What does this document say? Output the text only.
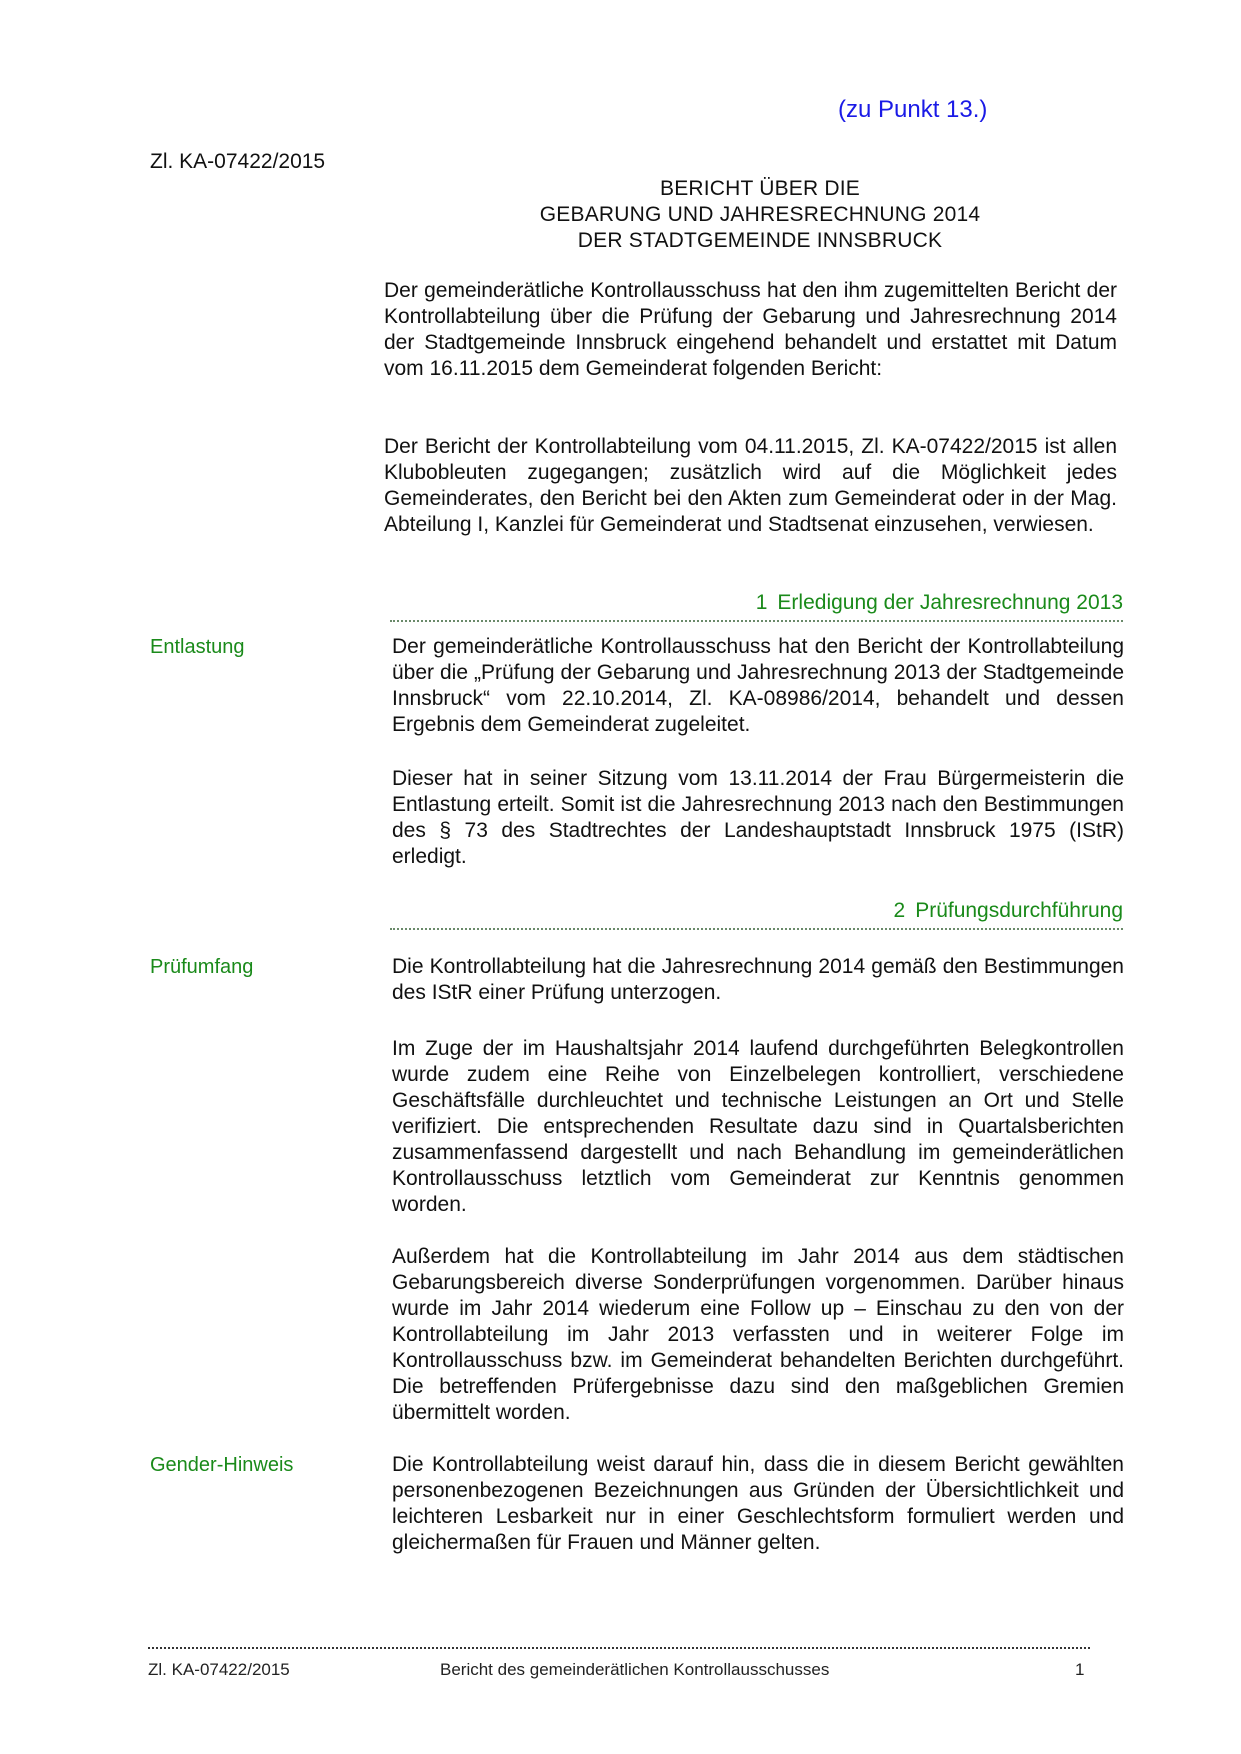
(zu Punkt 13.)
Zl. KA-07422/2015
BERICHT ÜBER DIE
GEBARUNG UND JAHRESRECHNUNG 2014
DER STADTGEMEINDE INNSBRUCK
Der gemeinderätliche Kontrollausschuss hat den ihm zugemittelten Bericht der Kontrollabteilung über die Prüfung der Gebarung und Jahresrechnung 2014 der Stadtgemeinde Innsbruck eingehend behandelt und erstattet mit Datum vom 16.11.2015 dem Gemeinderat folgenden Bericht:
Der Bericht der Kontrollabteilung vom 04.11.2015, Zl. KA-07422/2015 ist allen Klubobleuten zugegangen; zusätzlich wird auf die Möglichkeit jedes Gemeinderates, den Bericht bei den Akten zum Gemeinderat oder in der Mag. Abteilung I, Kanzlei für Gemeinderat und Stadtsenat einzusehen, verwiesen.
1 Erledigung der Jahresrechnung 2013
Entlastung	Der gemeinderätliche Kontrollausschuss hat den Bericht der Kontrollabteilung über die „Prüfung der Gebarung und Jahresrechnung 2013 der Stadtgemeinde Innsbruck“ vom 22.10.2014, Zl. KA-08986/2014, behandelt und dessen Ergebnis dem Gemeinderat zugeleitet.
Dieser hat in seiner Sitzung vom 13.11.2014 der Frau Bürgermeisterin die Entlastung erteilt. Somit ist die Jahresrechnung 2013 nach den Bestimmungen des § 73 des Stadtrechtes der Landeshauptstadt Innsbruck 1975 (IStR) erledigt.
2 Prüfungsdurchführung
Prüfumfang	Die Kontrollabteilung hat die Jahresrechnung 2014 gemäß den Bestimmungen des IStR einer Prüfung unterzogen.
Im Zuge der im Haushaltsjahr 2014 laufend durchgeführten Belegkontrollen wurde zudem eine Reihe von Einzelbelegen kontrolliert, verschiedene Geschäftsfälle durchleuchtet und technische Leistungen an Ort und Stelle verifiziert. Die entsprechenden Resultate dazu sind in Quartalsberichten zusammenfassend dargestellt und nach Behandlung im gemeinderätlichen Kontrollausschuss letztlich vom Gemeinderat zur Kenntnis genommen worden.
Außerdem hat die Kontrollabteilung im Jahr 2014 aus dem städtischen Gebarungsbereich diverse Sonderprüfungen vorgenommen. Darüber hinaus wurde im Jahr 2014 wiederum eine Follow up – Einschau zu den von der Kontrollabteilung im Jahr 2013 verfassten und in weiterer Folge im Kontrollausschuss bzw. im Gemeinderat behandelten Berichten durchgeführt. Die betreffenden Prüfergebnisse dazu sind den maßgeblichen Gremien übermittelt worden.
Gender-Hinweis	Die Kontrollabteilung weist darauf hin, dass die in diesem Bericht gewählten personenbezogenen Bezeichnungen aus Gründen der Übersichtlichkeit und leichteren Lesbarkeit nur in einer Geschlechtsform formuliert werden und gleichermaßen für Frauen und Männer gelten.
Zl. KA-07422/2015	Bericht des gemeinderätlichen Kontrollausschusses	1
